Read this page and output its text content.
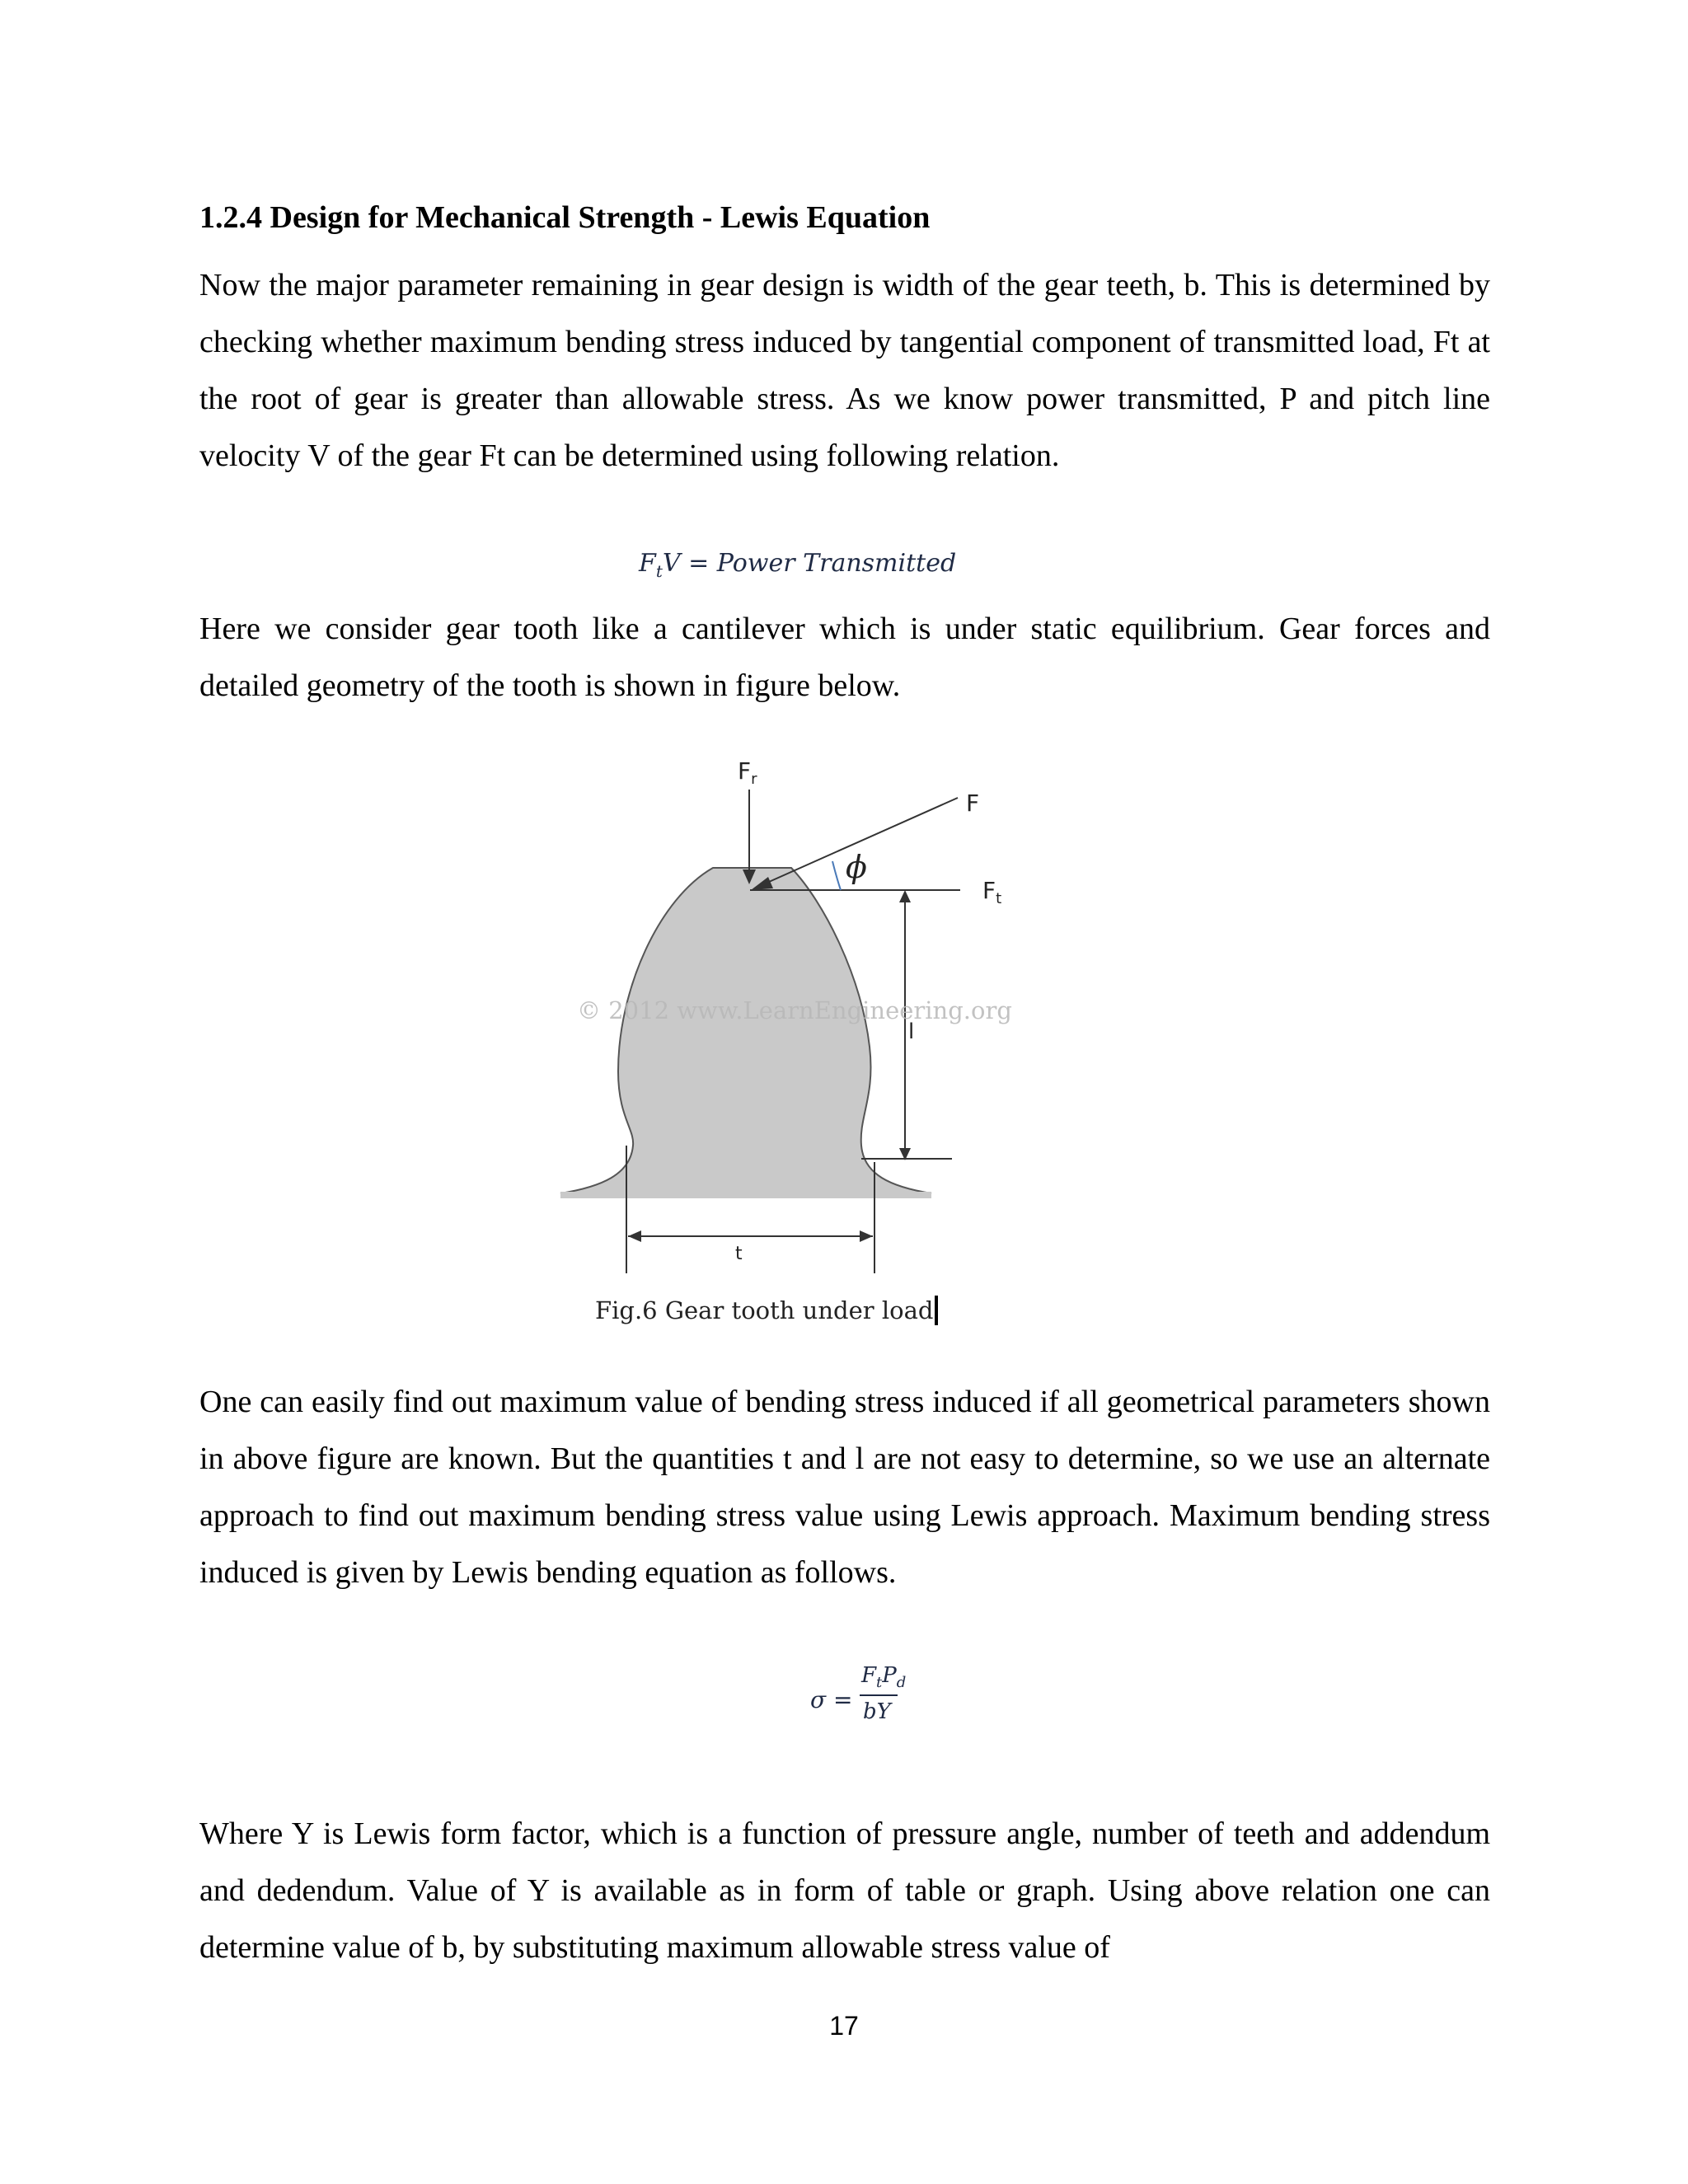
1.2.4 Design for Mechanical Strength - Lewis Equation

Now the major parameter remaining in gear design is width of the gear teeth, b. This is determined by checking whether maximum bending stress induced by tangential component of transmitted load, Ft at the root of gear is greater than allowable stress. As we know power transmitted, P and pitch line velocity V of the gear Ft can be determined using following relation.

$F_tV$ = Power Transmitted

Here we consider gear tooth like a cantilever which is under static equilibrium. Gear forces and detailed geometry of the tooth is shown in figure below.

$F_r$
F
$F_t$
ϕ
l
t
© 2012 www.LearnEngineering.org
Fig.6 Gear tooth under load

One can easily find out maximum value of bending stress induced if all geometrical parameters shown in above figure are known. But the quantities t and l are not easy to determine, so we use an alternate approach to find out maximum bending stress value using Lewis approach. Maximum bending stress induced is given by Lewis bending equation as follows.

σ =
$F_tP_d$
bY

Where Y is Lewis form factor, which is a function of pressure angle, number of teeth and addendum and dedendum. Value of Y is available as in form of table or graph. Using above relation one can determine value of b, by substituting maximum allowable stress value of

17
